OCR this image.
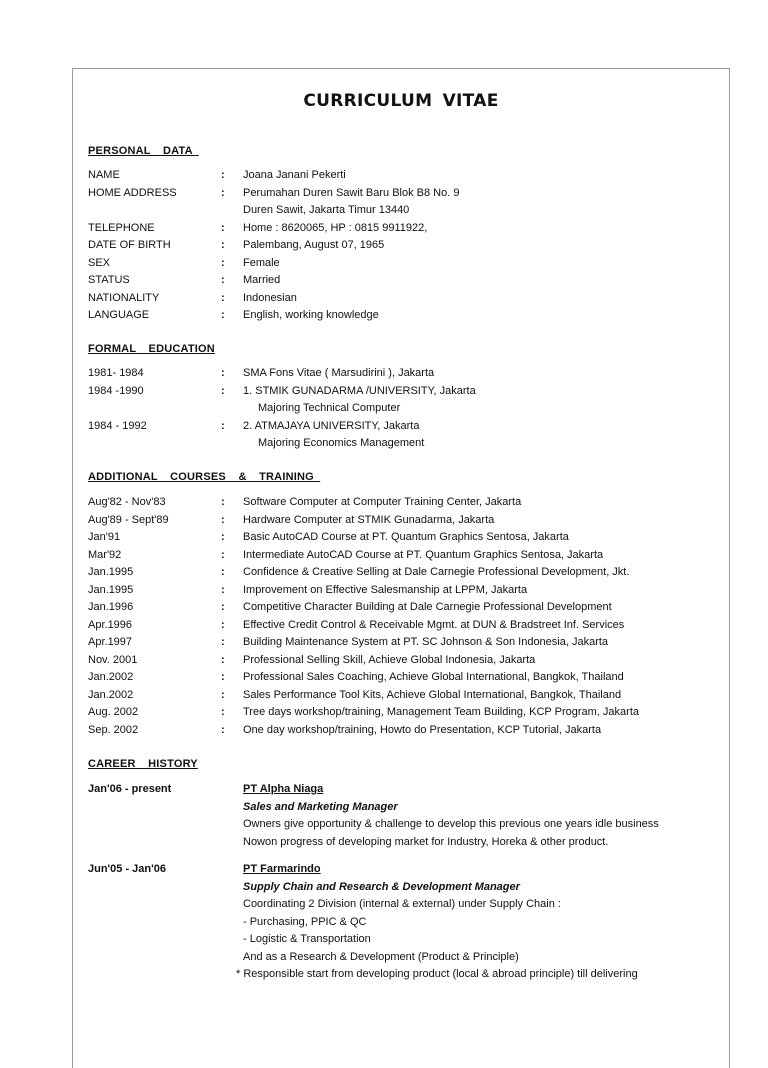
CURRICULUM VITAE
PERSONAL  DATA
NAME	:	Joana Janani Pekerti
HOME ADDRESS	:	Perumahan Duren Sawit Baru Blok B8 No. 9
Duren Sawit, Jakarta Timur 13440
TELEPHONE	:	Home : 8620065, HP : 0815 9911922,
DATE OF BIRTH	:	Palembang, August 07, 1965
SEX	:	Female
STATUS	:	Married
NATIONALITY	:	Indonesian
LANGUAGE	:	English, working knowledge
FORMAL  EDUCATION
1981- 1984	:	SMA Fons Vitae ( Marsudirini ), Jakarta
1984 -1990	:	1. STMIK GUNADARMA /UNIVERSITY, Jakarta
Majoring Technical Computer
1984 - 1992	:	2. ATMAJAYA UNIVERSITY, Jakarta
Majoring Economics Management
ADDITIONAL  COURSES  &  TRAINING
Aug'82 - Nov'83	:	Software Computer at Computer Training Center, Jakarta
Aug'89 - Sept'89	:	Hardware Computer at STMIK Gunadarma, Jakarta
Jan'91	:	Basic AutoCAD Course at PT. Quantum Graphics Sentosa, Jakarta
Mar'92	:	Intermediate AutoCAD Course at PT. Quantum Graphics Sentosa, Jakarta
Jan.1995	:	Confidence & Creative Selling at Dale Carnegie Professional Development, Jkt.
Jan.1995	:	Improvement on Effective Salesmanship at LPPM, Jakarta
Jan.1996	:	Competitive Character Building at Dale Carnegie Professional Development
Apr.1996	:	Effective Credit Control & Receivable Mgmt. at DUN & Bradstreet Inf. Services
Apr.1997	:	Building Maintenance System at PT. SC Johnson & Son Indonesia, Jakarta
Nov. 2001	:	Professional Selling Skill, Achieve Global Indonesia, Jakarta
Jan.2002	:	Professional Sales Coaching, Achieve Global International, Bangkok, Thailand
Jan.2002	:	Sales Performance Tool Kits, Achieve Global International, Bangkok, Thailand
Aug. 2002	:	Tree days workshop/training, Management Team Building, KCP Program, Jakarta
Sep. 2002	:	One day workshop/training, Howto do Presentation, KCP Tutorial, Jakarta
CAREER  HISTORY
Jan'06 - present	PT Alpha Niaga
Sales and Marketing Manager
Owners give opportunity & challenge to develop this previous one years idle business
Nowon progress of developing market for Industry, Horeka & other product.
Jun'05 - Jan'06	PT Farmarindo
Supply Chain and Research & Development Manager
Coordinating 2 Division (internal & external) under Supply Chain :
- Purchasing, PPIC & QC
- Logistic & Transportation
And as a Research & Development (Product & Principle)
* Responsible start from developing product (local & abroad principle) till delivering
